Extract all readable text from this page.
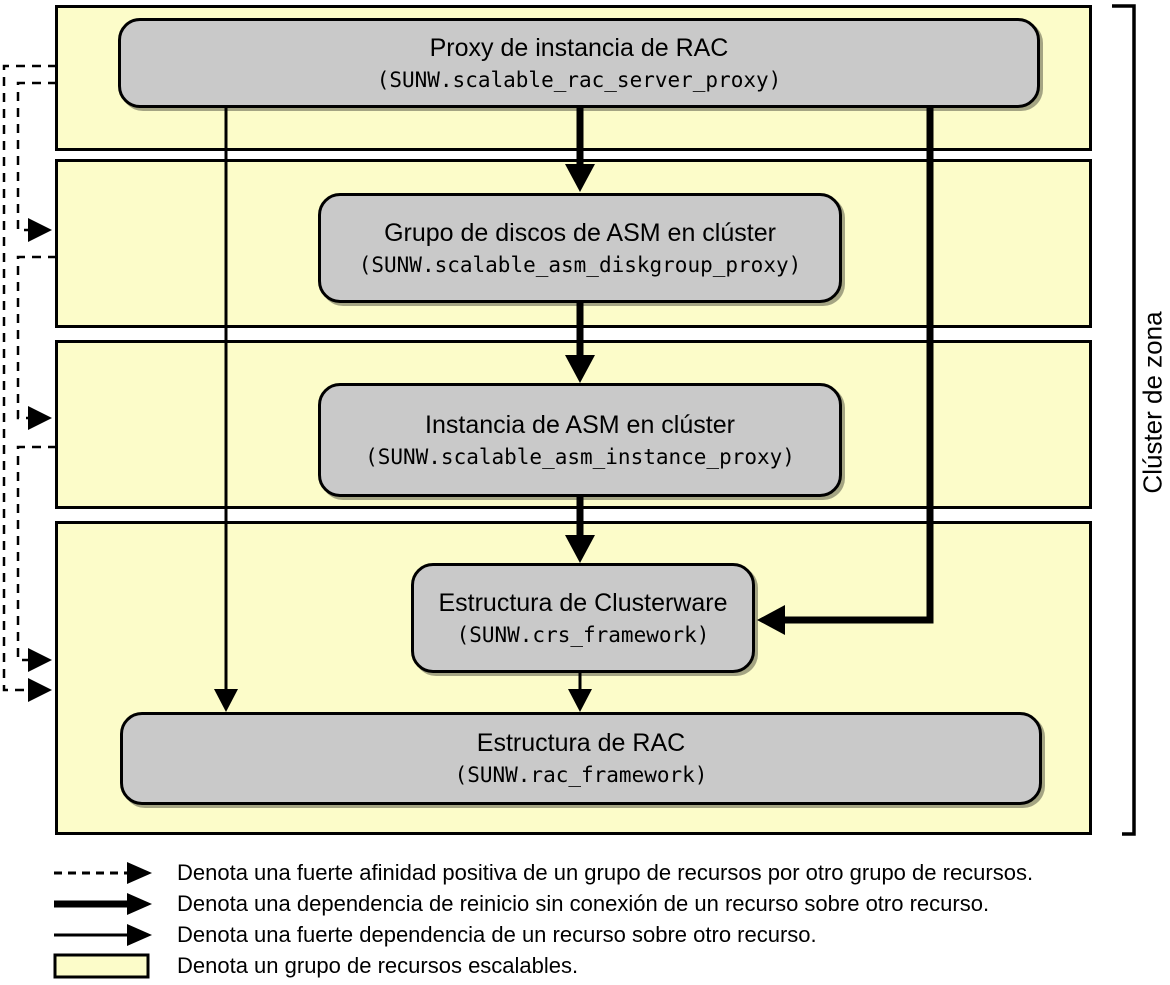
Proxy de instancia de RAC
(SUNW.scalable_rac_server_proxy)
Grupo de discos de ASM en clúster
(SUNW.scalable_asm_diskgroup_proxy)
Instancia de ASM en clúster
(SUNW.scalable_asm_instance_proxy)
Estructura de Clusterware
(SUNW.crs_framework)
Estructura de RAC
(SUNW.rac_framework)
Clúster de zona
Denota una fuerte afinidad positiva de un grupo de recursos por otro grupo de recursos.
Denota una dependencia de reinicio sin conexión de un recurso sobre otro recurso.
Denota una fuerte dependencia de un recurso sobre otro recurso.
Denota un grupo de recursos escalables.
